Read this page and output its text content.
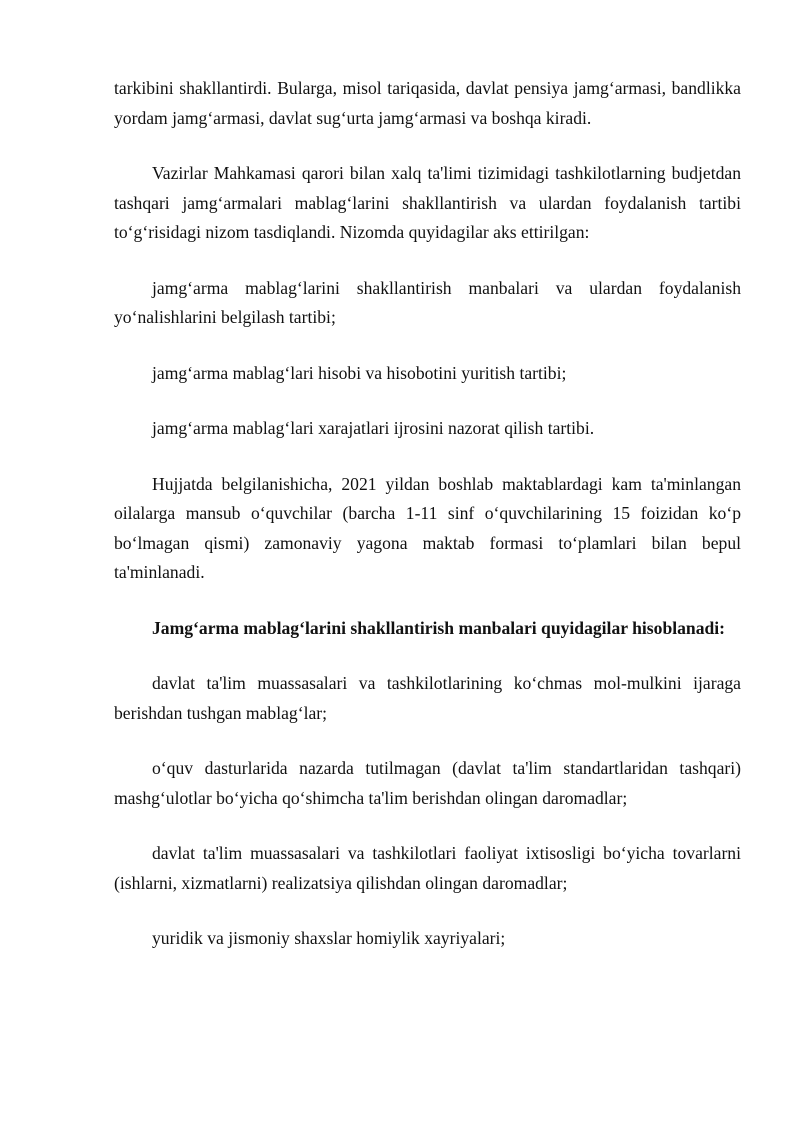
tarkibini shakllantirdi. Bularga, misol tariqasida, davlat pensiya jamg‘armasi, bandlikka yordam jamg‘armasi, davlat sug‘urta jamg‘armasi va boshqa kiradi.

Vazirlar Mahkamasi qarori bilan xalq ta'limi tizimidagi tashkilotlarning budjetdan tashqari jamg‘armalari mablag‘larini shakllantirish va ulardan foydalanish tartibi to‘g‘risidagi nizom tasdiqlandi. Nizomda quyidagilar aks ettirilgan:

jamg‘arma mablag‘larini shakllantirish manbalari va ulardan foydalanish yo‘nalishlarini belgilash tartibi;

jamg‘arma mablag‘lari hisobi va hisobotini yuritish tartibi;

jamg‘arma mablag‘lari xarajatlari ijrosini nazorat qilish tartibi.

Hujjatda belgilanishicha, 2021 yildan boshlab maktablardagi kam ta'minlangan oilalarga mansub o‘quvchilar (barcha 1-11 sinf o‘quvchilarining 15 foizidan ko‘p bo‘lmagan qismi) zamonaviy yagona maktab formasi to‘plamlari bilan bepul ta'minlanadi.

Jamg‘arma mablag‘larini shakllantirish manbalari quyidagilar hisoblanadi:

davlat ta'lim muassasalari va tashkilotlarining ko‘chmas mol-mulkini ijaraga berishdan tushgan mablag‘lar;

o‘quv dasturlarida nazarda tutilmagan (davlat ta'lim standartlaridan tashqari) mashg‘ulotlar bo‘yicha qo‘shimcha ta'lim berishdan olingan daromadlar;

davlat ta'lim muassasalari va tashkilotlari faoliyat ixtisosligi bo‘yicha tovarlarni (ishlarni, xizmatlarni) realizatsiya qilishdan olingan daromadlar;

yuridik va jismoniy shaxslar homiylik xayriyalari;
